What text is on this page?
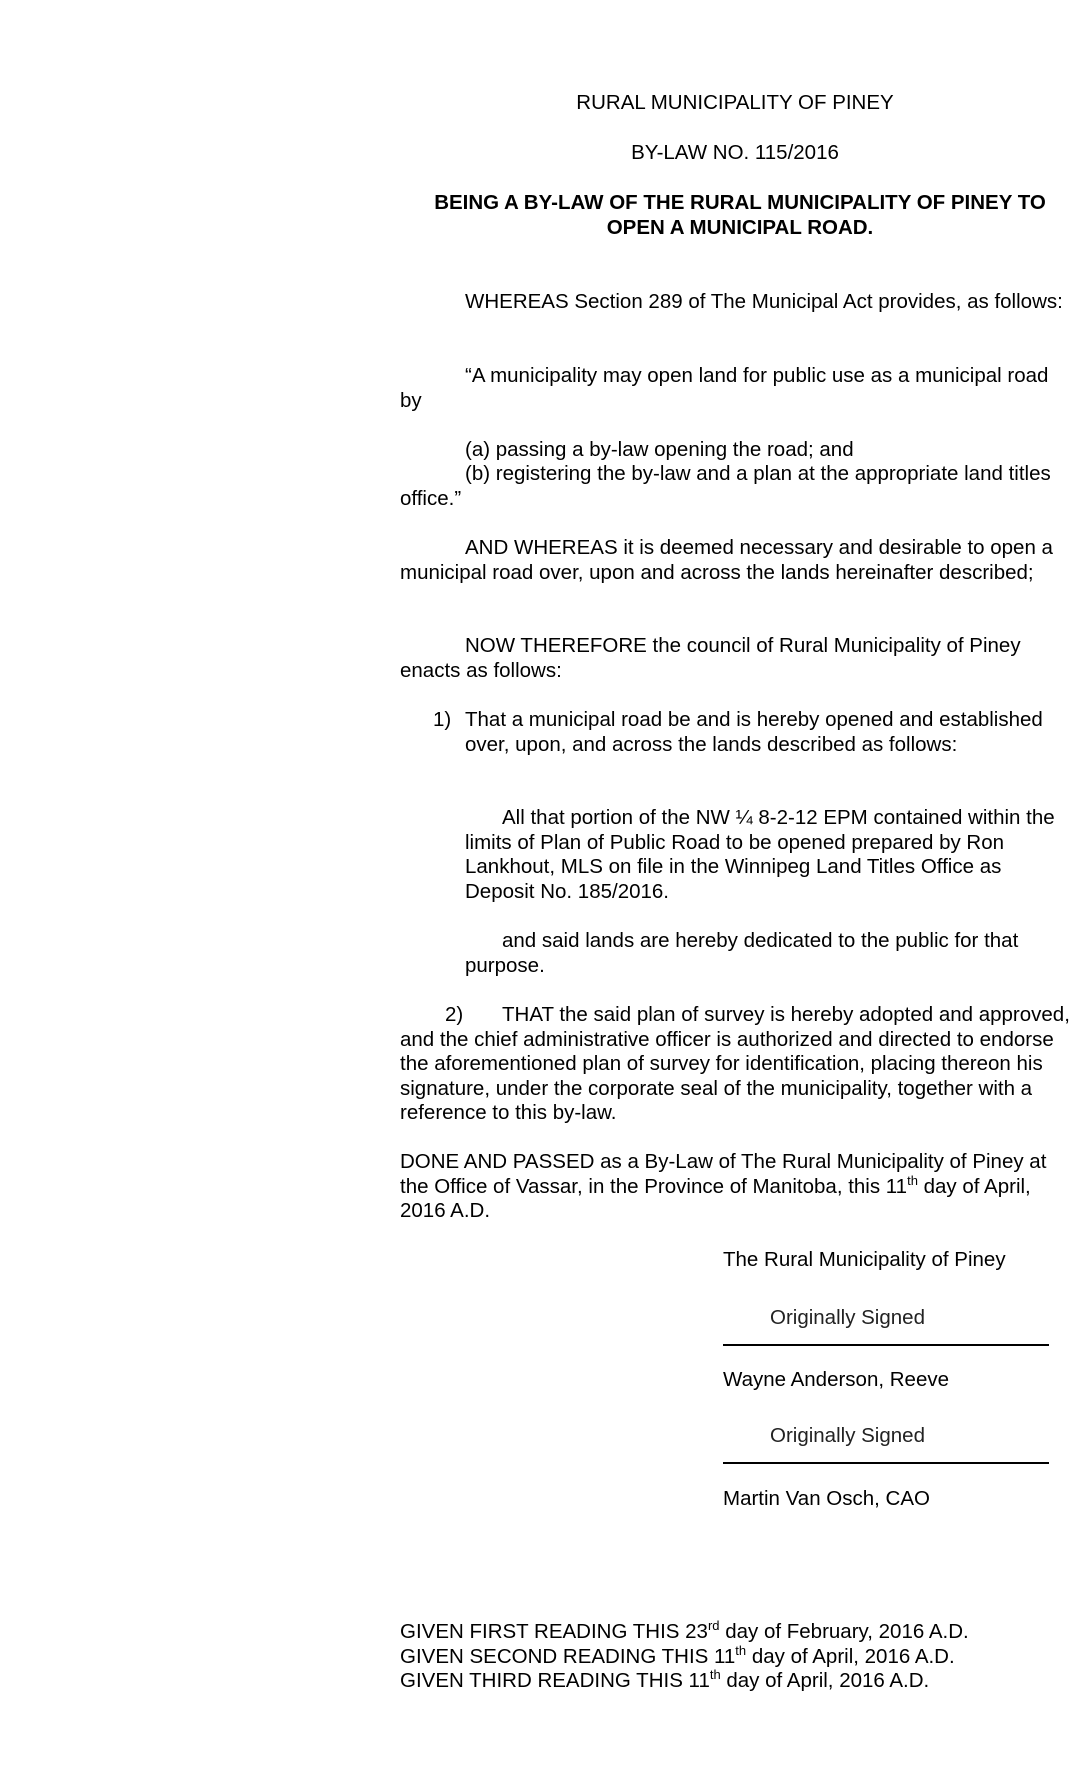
RURAL MUNICIPALITY OF PINEY
BY-LAW NO. 115/2016
BEING A BY-LAW OF THE RURAL MUNICIPALITY OF PINEY TO OPEN A MUNICIPAL ROAD.

WHEREAS Section 289 of The Municipal Act provides, as follows:

“A municipality may open land for public use as a municipal road by

(a) passing a by-law opening the road; and

(b) registering the by-law and a plan at the appropriate land titles office.”

AND WHEREAS it is deemed necessary and desirable to open a municipal road over, upon and across the lands hereinafter described;

NOW THEREFORE the council of Rural Municipality of Piney enacts as follows:

1) That a municipal road be and is hereby opened and established over, upon, and across the lands described as follows:

All that portion of the NW ¼ 8-2-12 EPM contained within the limits of Plan of Public Road to be opened prepared by Ron Lankhout, MLS on file in the Winnipeg Land Titles Office as Deposit No. 185/2016.

and said lands are hereby dedicated to the public for that purpose.

2)	THAT the said plan of survey is hereby adopted and approved, and the chief administrative officer is authorized and directed to endorse the aforementioned plan of survey for identification, placing thereon his signature, under the corporate seal of the municipality, together with a reference to this by-law.

DONE AND PASSED as a By-Law of The Rural Municipality of Piney at the Office of Vassar, in the Province of Manitoba, this 11th day of April, 2016 A.D.

The Rural Municipality of Piney
Originally Signed
Wayne Anderson, Reeve
Originally Signed
Martin Van Osch, CAO

GIVEN FIRST READING THIS 23rd day of February, 2016 A.D.

GIVEN SECOND READING THIS 11th day of April, 2016 A.D.

GIVEN THIRD READING THIS 11th day of April, 2016 A.D.
